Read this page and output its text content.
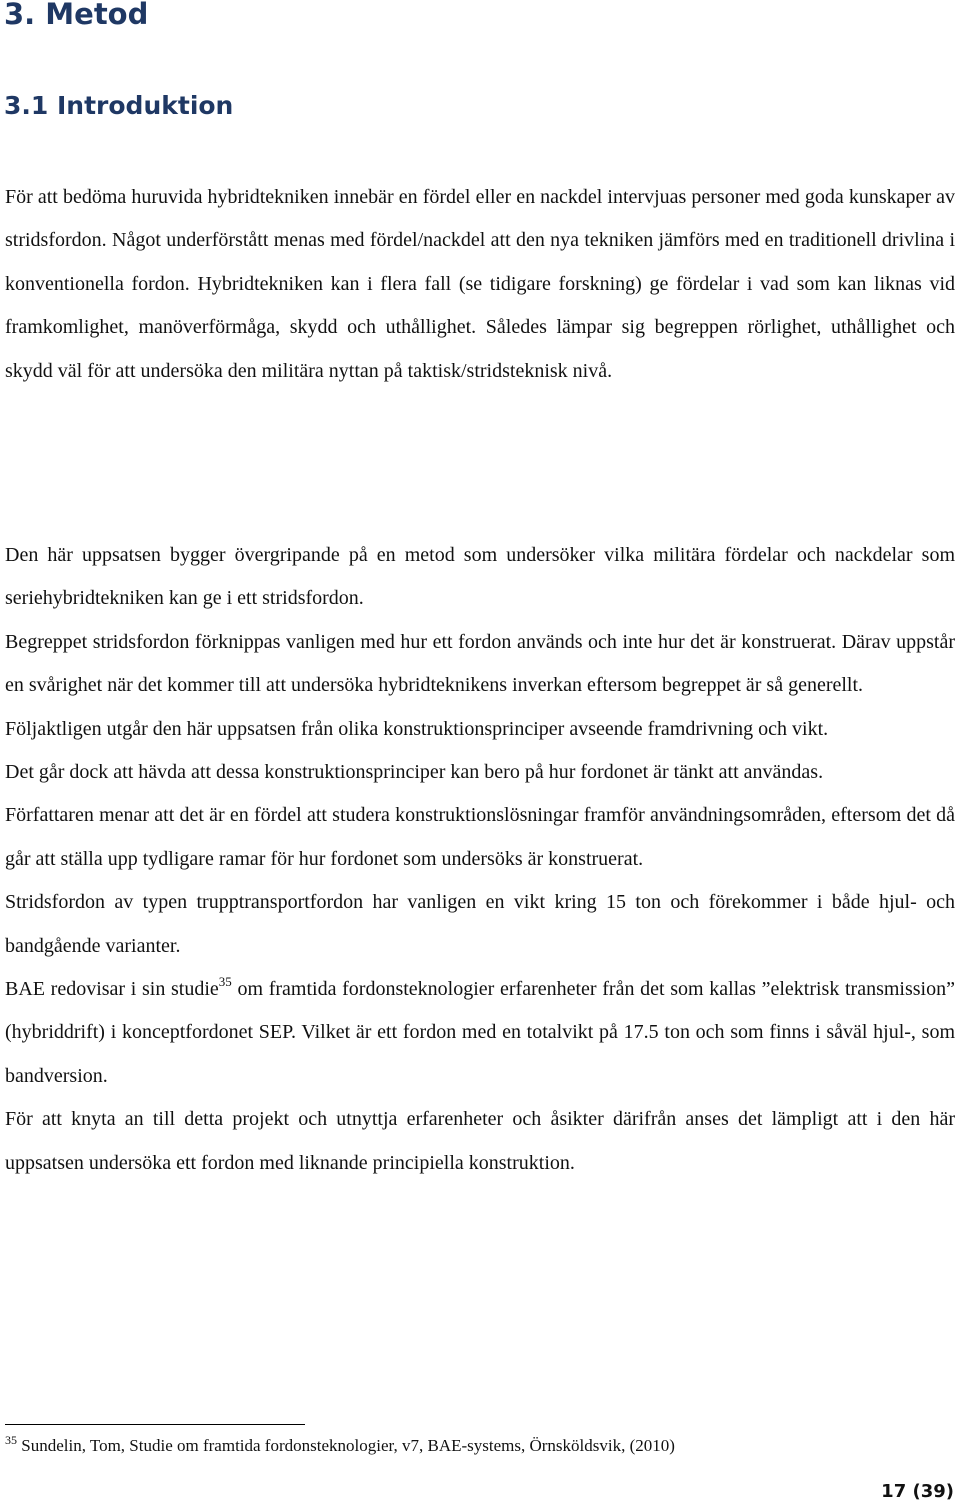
3. Metod
3.1 Introduktion

För att bedöma huruvida hybridtekniken innebär en fördel eller en nackdel intervjuas personer med goda kunskaper av stridsfordon. Något underförstått menas med fördel/nackdel att den nya tekniken jämförs med en traditionell drivlina i konventionella fordon. Hybridtekniken kan i flera fall (se tidigare forskning) ge fördelar i vad som kan liknas vid framkomlighet, manöverförmåga, skydd och uthållighet. Således lämpar sig begreppen rörlighet, uthållighet och skydd väl för att undersöka den militära nyttan på taktisk/stridsteknisk nivå.

Den här uppsatsen bygger övergripande på en metod som undersöker vilka militära fördelar och nackdelar som seriehybridtekniken kan ge i ett stridsfordon.

Begreppet stridsfordon förknippas vanligen med hur ett fordon används och inte hur det är konstruerat. Därav uppstår en svårighet när det kommer till att undersöka hybridteknikens inverkan eftersom begreppet är så generellt.

Följaktligen utgår den här uppsatsen från olika konstruktionsprinciper avseende framdrivning och vikt.

Det går dock att hävda att dessa konstruktionsprinciper kan bero på hur fordonet är tänkt att användas.

Författaren menar att det är en fördel att studera konstruktionslösningar framför användningsområden, eftersom det då går att ställa upp tydligare ramar för hur fordonet som undersöks är konstruerat.

Stridsfordon av typen trupptransportfordon har vanligen en vikt kring 15 ton och förekommer i både hjul- och bandgående varianter.

BAE redovisar i sin studie$^{35}$ om framtida fordonsteknologier erfarenheter från det som kallas ”elektrisk transmission” (hybriddrift) i konceptfordonet SEP. Vilket är ett fordon med en totalvikt på 17.5 ton och som finns i såväl hjul-, som bandversion.

För att knyta an till detta projekt och utnyttja erfarenheter och åsikter därifrån anses det lämpligt att i den här uppsatsen undersöka ett fordon med liknande principiella konstruktion.

$^{35}$ Sundelin, Tom, Studie om framtida fordonsteknologier, v7, BAE-systems, Örnsköldsvik, (2010)
17 (39)
